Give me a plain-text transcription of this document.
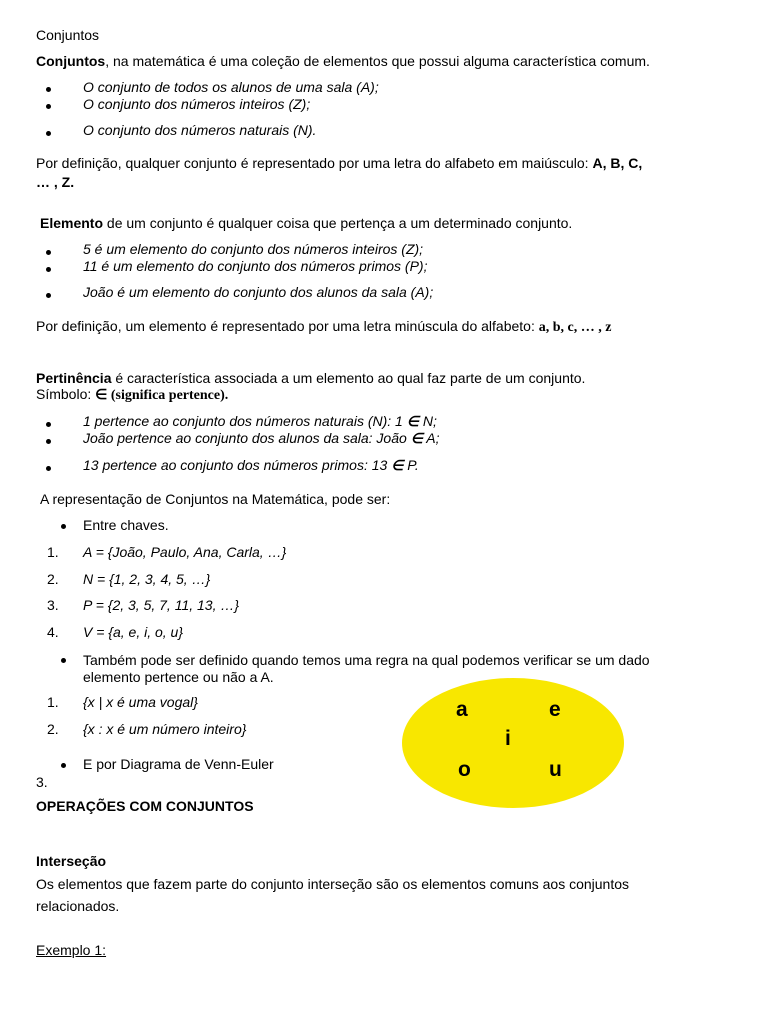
Conjuntos
Conjuntos, na matemática é uma coleção de elementos que possui alguma característica comum.
O conjunto de todos os alunos de uma sala (A);
O conjunto dos números inteiros (Z);
O conjunto dos números naturais (N).
Por definição, qualquer conjunto é representado por uma letra do alfabeto em maiúsculo: A, B, C,
… , Z.
Elemento de um conjunto é qualquer coisa que pertença a um determinado conjunto.
5 é um elemento do conjunto dos números inteiros (Z);
11 é um elemento do conjunto dos números primos (P);
João é um elemento do conjunto dos alunos da sala (A);
Por definição, um elemento é representado por uma letra minúscula do alfabeto: a, b, c, … , z
Pertinência é característica associada a um elemento ao qual faz parte de um conjunto.
Símbolo: ∈ (significa pertence).
1 pertence ao conjunto dos números naturais (N): 1 ∈ N;
João pertence ao conjunto dos alunos da sala: João ∈ A;
13 pertence ao conjunto dos números primos: 13 ∈ P.
A representação de Conjuntos na Matemática, pode ser:
Entre chaves.
1. A = {João, Paulo, Ana, Carla, …}
2. N = {1, 2, 3, 4, 5, …}
3. P = {2, 3, 5, 7, 11, 13, …}
4. V = {a, e, i, o, u}
Também pode ser definido quando temos uma regra na qual podemos verificar se um dado
elemento pertence ou não a A.
1. {x | x é uma vogal}
2. {x : x é um número inteiro}
E por Diagrama de Venn-Euler
3.
a	e
i
o	u
OPERAÇÕES COM CONJUNTOS
Interseção
Os elementos que fazem parte do conjunto interseção são os elementos comuns aos conjuntos
relacionados.
Exemplo 1:
